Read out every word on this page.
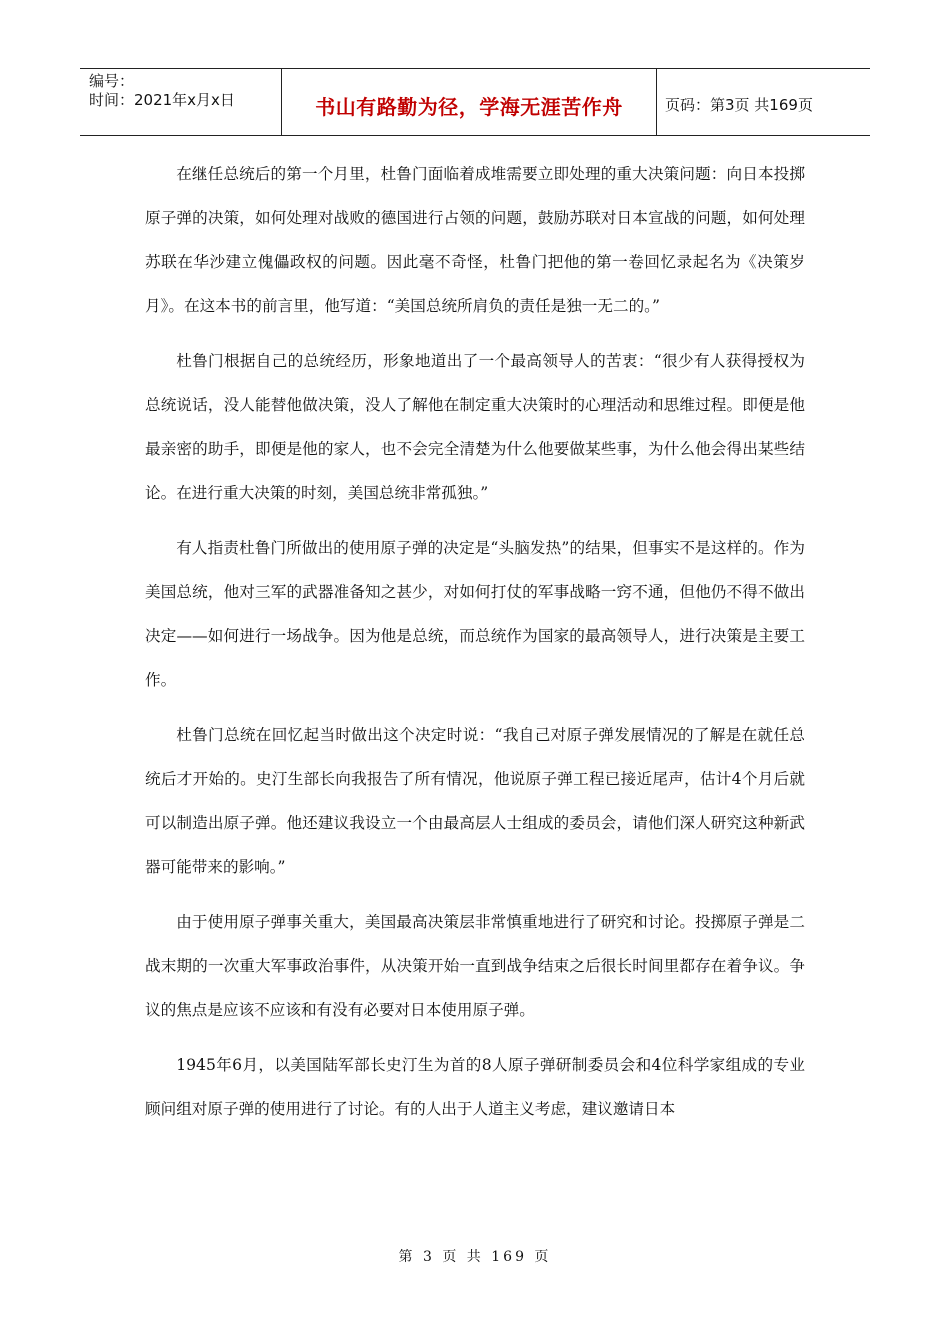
编号：
时间：2021年x月x日	书山有路勤为径，学海无涯苦作舟	页码：第3页 共169页

在继任总统后的第一个月里，杜鲁门面临着成堆需要立即处理的重大决策问题：向日本投掷原子弹的决策，如何处理对战败的德国进行占领的问题，鼓励苏联对日本宣战的问题，如何处理苏联在华沙建立傀儡政权的问题。因此毫不奇怪，杜鲁门把他的第一卷回忆录起名为《决策岁月》。在这本书的前言里，他写道：“美国总统所肩负的责任是独一无二的。”

杜鲁门根据自己的总统经历，形象地道出了一个最高领导人的苦衷：“很少有人获得授权为总统说话，没人能替他做决策，没人了解他在制定重大决策时的心理活动和思维过程。即便是他最亲密的助手，即便是他的家人，也不会完全清楚为什么他要做某些事，为什么他会得出某些结论。在进行重大决策的时刻，美国总统非常孤独。”

有人指责杜鲁门所做出的使用原子弹的决定是“头脑发热”的结果，但事实不是这样的。作为美国总统，他对三军的武器准备知之甚少，对如何打仗的军事战略一窍不通，但他仍不得不做出决定——如何进行一场战争。因为他是总统，而总统作为国家的最高领导人，进行决策是主要工作。

杜鲁门总统在回忆起当时做出这个决定时说：“我自己对原子弹发展情况的了解是在就任总统后才开始的。史汀生部长向我报告了所有情况，他说原子弹工程已接近尾声，估计4个月后就可以制造出原子弹。他还建议我设立一个由最高层人士组成的委员会，请他们深人研究这种新武器可能带来的影响。”

由于使用原子弹事关重大，美国最高决策层非常慎重地进行了研究和讨论。投掷原子弹是二战末期的一次重大军事政治事件，从决策开始一直到战争结束之后很长时间里都存在着争议。争议的焦点是应该不应该和有没有必要对日本使用原子弹。

1945年6月，以美国陆军部长史汀生为首的8人原子弹研制委员会和4位科学家组成的专业顾问组对原子弹的使用进行了讨论。有的人出于人道主义考虑，建议邀请日本

第 3 页 共 169 页
